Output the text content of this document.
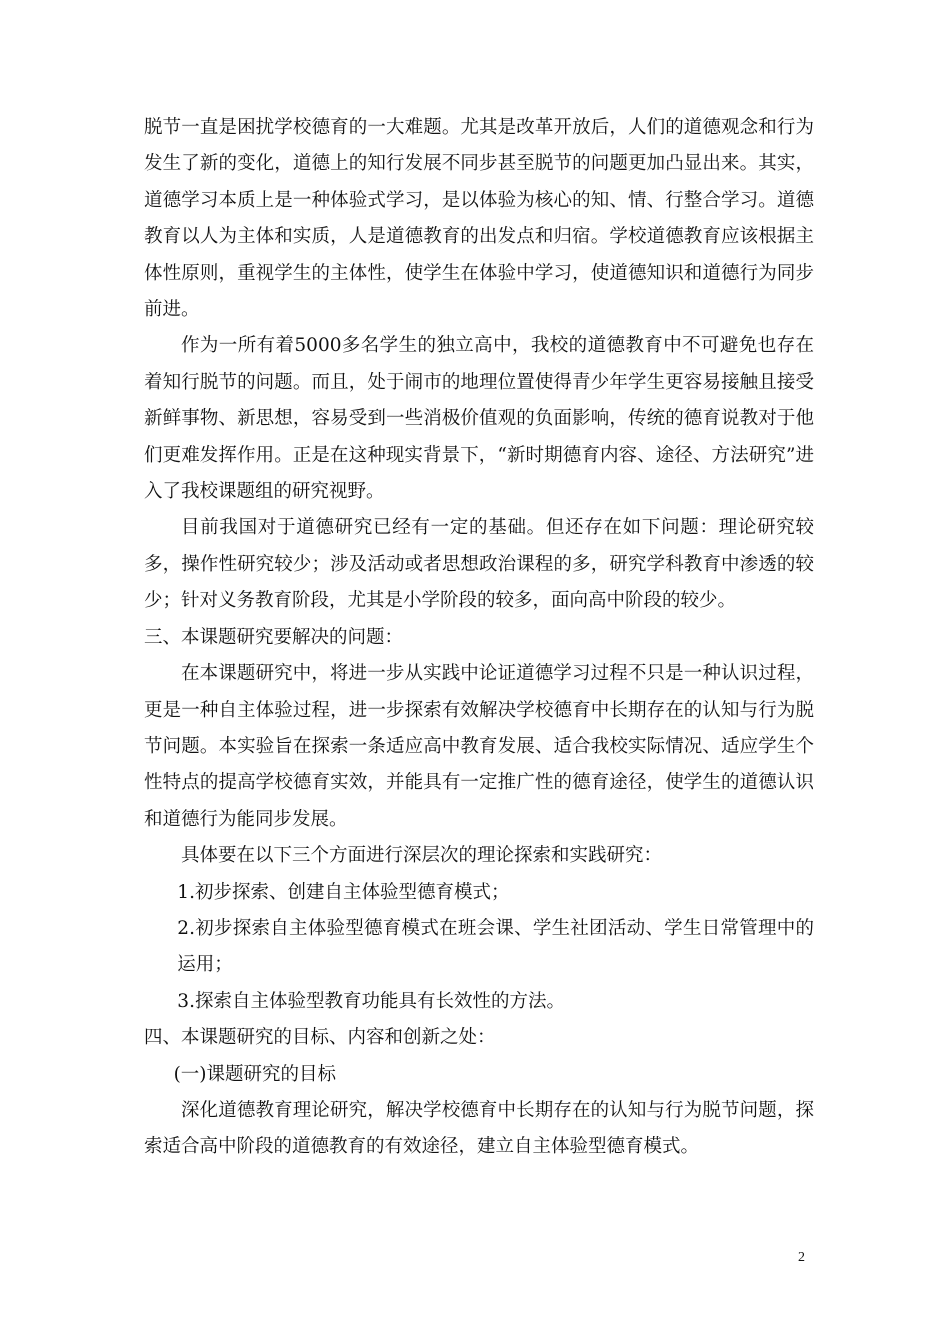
脱节一直是困扰学校德育的一大难题。尤其是改革开放后，人们的道德观念和行为发生了新的变化，道德上的知行发展不同步甚至脱节的问题更加凸显出来。其实，道德学习本质上是一种体验式学习，是以体验为核心的知、情、行整合学习。道德教育以人为主体和实质，人是道德教育的出发点和归宿。学校道德教育应该根据主体性原则，重视学生的主体性，使学生在体验中学习，使道德知识和道德行为同步前进。

作为一所有着5000多名学生的独立高中，我校的道德教育中不可避免也存在着知行脱节的问题。而且，处于闹市的地理位置使得青少年学生更容易接触且接受新鲜事物、新思想，容易受到一些消极价值观的负面影响，传统的德育说教对于他们更难发挥作用。正是在这种现实背景下，“新时期德育内容、途径、方法研究”进入了我校课题组的研究视野。

目前我国对于道德研究已经有一定的基础。但还存在如下问题：理论研究较多，操作性研究较少；涉及活动或者思想政治课程的多，研究学科教育中渗透的较少；针对义务教育阶段，尤其是小学阶段的较多，面向高中阶段的较少。

三、本课题研究要解决的问题：

在本课题研究中，将进一步从实践中论证道德学习过程不只是一种认识过程，更是一种自主体验过程，进一步探索有效解决学校德育中长期存在的认知与行为脱节问题。本实验旨在探索一条适应高中教育发展、适合我校实际情况、适应学生个性特点的提高学校德育实效，并能具有一定推广性的德育途径，使学生的道德认识和道德行为能同步发展。

具体要在以下三个方面进行深层次的理论探索和实践研究：

1.初步探索、创建自主体验型德育模式；

2.初步探索自主体验型德育模式在班会课、学生社团活动、学生日常管理中的运用；

3.探索自主体验型教育功能具有长效性的方法。

四、本课题研究的目标、内容和创新之处：

(一)课题研究的目标

深化道德教育理论研究，解决学校德育中长期存在的认知与行为脱节问题，探索适合高中阶段的道德教育的有效途径，建立自主体验型德育模式。

2
